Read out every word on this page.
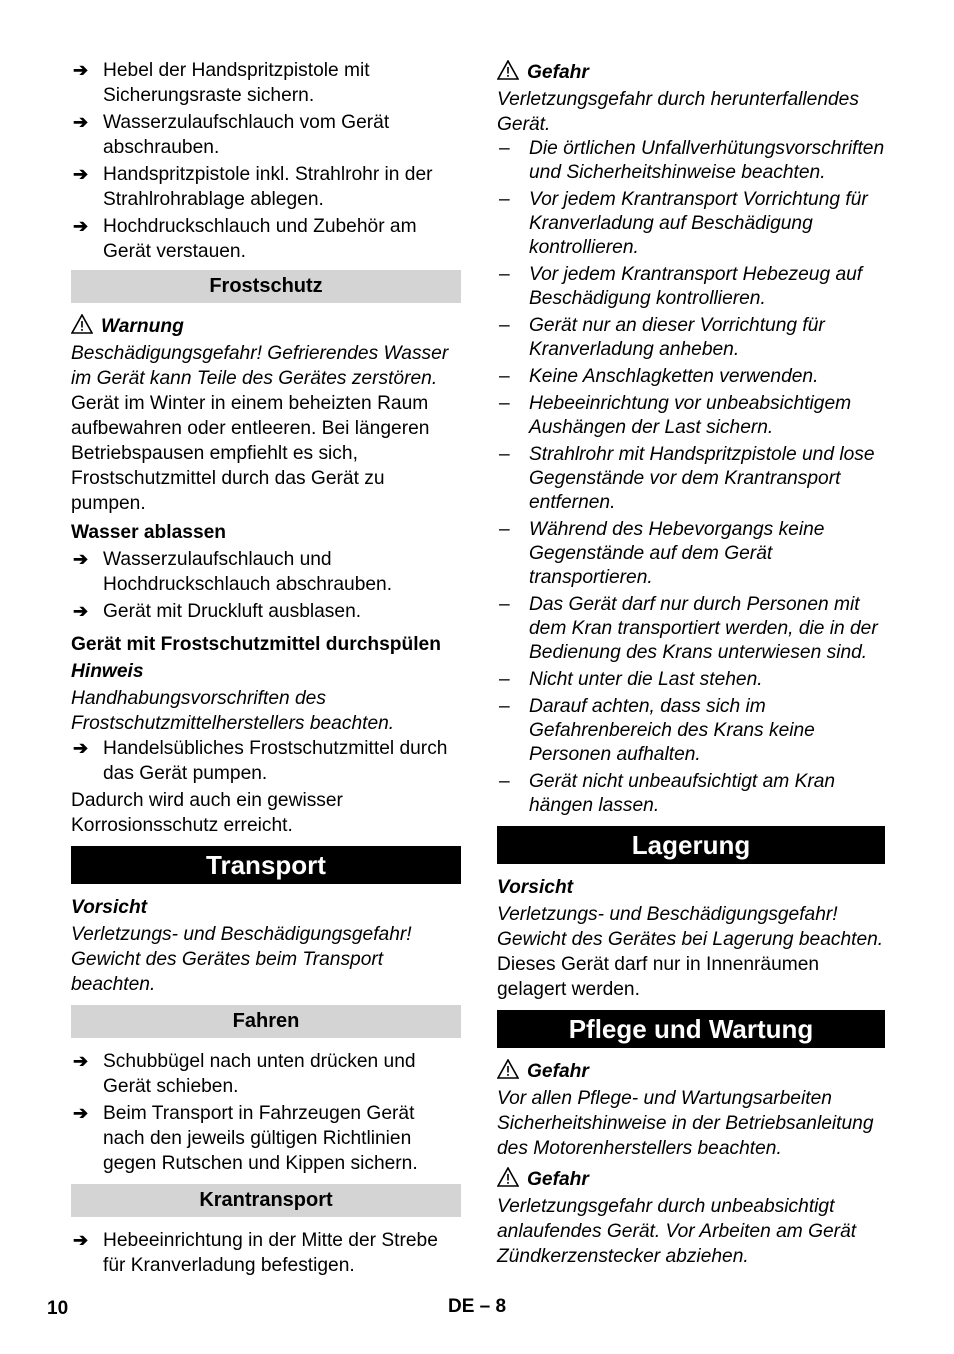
➔ Hebel der Handspritzpistole mit Sicherungsraste sichern.
➔ Wasserzulaufschlauch vom Gerät abschrauben.
➔ Handspritzpistole inkl. Strahlrohr in der Strahlrohrablage ablegen.
➔ Hochdruckschlauch und Zubehör am Gerät verstauen.
Frostschutz
Warnung

Beschädigungsgefahr! Gefrierendes Wasser im Gerät kann Teile des Gerätes zerstören.

Gerät im Winter in einem beheizten Raum aufbewahren oder entleeren. Bei längeren Betriebspausen empfiehlt es sich, Frostschutzmittel durch das Gerät zu pumpen.

Wasser ablassen
➔ Wasserzulaufschlauch und Hochdruckschlauch abschrauben.
➔ Gerät mit Druckluft ausblasen.
Gerät mit Frostschutzmittel durchspülen
Hinweis

Handhabungsvorschriften des Frostschutzmittelherstellers beachten.

➔ Handelsübliches Frostschutzmittel durch das Gerät pumpen.

Dadurch wird auch ein gewisser Korrosionsschutz erreicht.

Transport
Vorsicht

Verletzungs- und Beschädigungsgefahr! Gewicht des Gerätes beim Transport beachten.

Fahren
➔ Schubbügel nach unten drücken und Gerät schieben.
➔ Beim Transport in Fahrzeugen Gerät nach den jeweils gültigen Richtlinien gegen Rutschen und Kippen sichern.
Krantransport
➔ Hebeeinrichtung in der Mitte der Strebe für Kranverladung befestigen.
Gefahr

Verletzungsgefahr durch herunterfallendes Gerät.

– Die örtlichen Unfallverhütungsvorschriften und Sicherheitshinweise beachten.
– Vor jedem Krantransport Vorrichtung für Kranverladung auf Beschädigung kontrollieren.
– Vor jedem Krantransport Hebezeug auf Beschädigung kontrollieren.
– Gerät nur an dieser Vorrichtung für Kranverladung anheben.
– Keine Anschlagketten verwenden.
– Hebeeinrichtung vor unbeabsichtigem Aushängen der Last sichern.
– Strahlrohr mit Handspritzpistole und lose Gegenstände vor dem Krantransport entfernen.
– Während des Hebevorgangs keine Gegenstände auf dem Gerät transportieren.
– Das Gerät darf nur durch Personen mit dem Kran transportiert werden, die in der Bedienung des Krans unterwiesen sind.
– Nicht unter die Last stehen.
– Darauf achten, dass sich im Gefahrenbereich des Krans keine Personen aufhalten.
– Gerät nicht unbeaufsichtigt am Kran hängen lassen.
Lagerung
Vorsicht

Verletzungs- und Beschädigungsgefahr! Gewicht des Gerätes bei Lagerung beachten.

Dieses Gerät darf nur in Innenräumen gelagert werden.

Pflege und Wartung
Gefahr

Vor allen Pflege- und Wartungsarbeiten Sicherheitshinweise in der Betriebsanleitung des Motorenherstellers beachten.

Gefahr

Verletzungsgefahr durch unbeabsichtigt anlaufendes Gerät. Vor Arbeiten am Gerät Zündkerzenstecker abziehen.

10	DE – 8
